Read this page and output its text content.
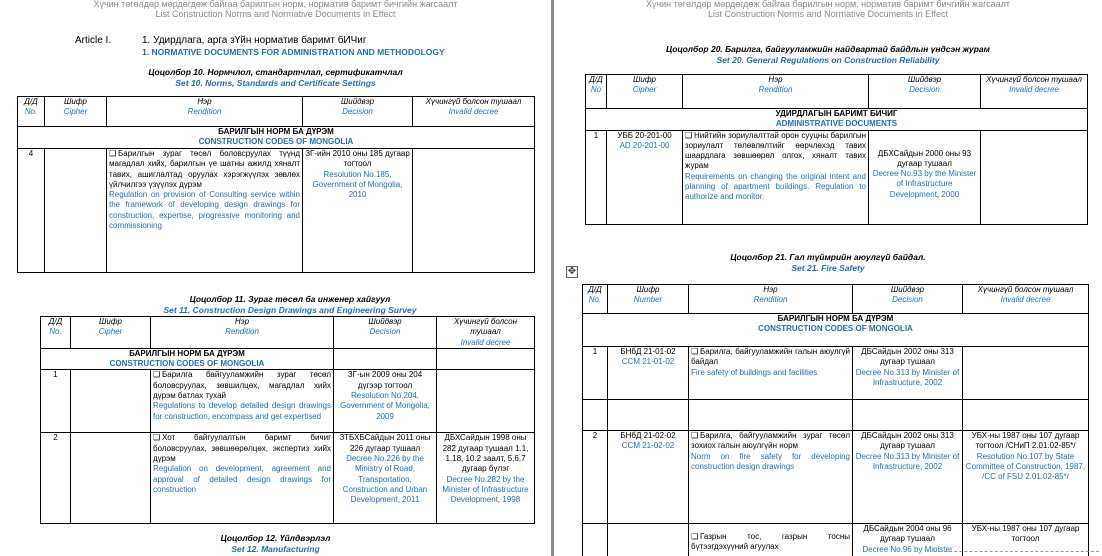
Хүчин төгөлдөр мөрдөгдөж байгаа барилгын норм, норматив баримт бичгийн жагсаалт
List Construction Norms and Normative Documents in Effect
Article I.	1. Удирдлага, арга зҮйн норматив баримт бИЧиг
1. NORMATIVE DOCUMENTS FOR ADMINISTRATION AND METHODOLOGY
Цоцолбор 10. Нормчлол, стандартчлал, сертификатчлал
Set 10. Norms, Standards and Certificate Settings
Д/Д
No.	Шифр
Cipher	Нэр
Rendition	Шийдвэр
Decision	Хүчингүй болсон тушаал
Invalid decree
БАРИЛГЫН НОРМ БА ДҮРЭМ
CONSTRUCTION CODES OF MONGOLIA				
4		❑ Барилгын зураг төсөл боловсруулах түүнд магадлал хийх, барилгын үе шатны ажилд хяналт тавих, ашиглалтад оруулах хэрэгжүүлэх зөвлөх үйлчилгээ үзүүлэх дүрэм
Regulation on provision of Consulting service within the framework of developing design drawings for construction, expertise, progressive monitoring and commissioning	ЗГ-ийн 2010 оны 185 дугаар тогтоол
Resolution No.185, Government of Mongolia, 2010	
Цоцолбор 11. Зураг төсөл ба инженер хайгуул
Set 11. Construction Design Drawings and Engineering Survey
Д/Д
No.	Шифр
Cipher	Нэр
Rendition	Шийдвэр
Decision	Хүчингүй болсон тушаал
Invalid decree
БАРИЛГЫН НОРМ БА ДҮРЭМ
CONSTRUCTION CODES OF MONGOLIA				
1		❑ Барилга байгууламжийн зураг төсөл боловсруулах, зөвшилцөх, магадлал хийх дүрэм батлах тухай
Regulations to develop detailed design drawings for construction, encompass and get expertised	ЗГ-ын 2009 оны 204 дүгээр тогтоол
Resolution No.204, Government of Mongolia, 2009	
2		❑ Хот байгуулалтын баримт бичиг боловсруулах, зөвшөөрөлцөх, экспертиз хийх дүрэм
Regulation on development, agreement and approval of detailed design drawings for construction	ЗТБХБСайдын 2011 оны 226 дугаар тушаал
Decree No.226 by the Ministry of Road, Transportation, Construction and Urban Development, 2011	ДБХСайдын 1998 оны 282 дугаар тушаал 1.1, 1.18, 10.2 заалт, 5,6,7 дугаар бүлэг
Decree No.282 by the Minister of Infrastructure Development, 1998
Цоцолбор 12. Үйлдвэрлэл
Set 12. Manufacturing
Хүчин төгөлдөр мөрдөгдөж байгаа барилгын норм, норматив баримт бичгийн жагсаалт
List Construction Norms and Normative Documents in Effect
Цоцолбор 20. Барилга, байгууламжийн найдвартай байдлын үндсэн журам
Set 20. General Regulations on Construction Reliability
Д/Д
No	Шифр
Cipher	Нэр
Rendition	Шийдвэр
Decision	Хүчингүй болсон тушаал
Invalid decree
УДИРДЛАГЫН БАРИМТ БИЧИГ
ADMINISTRATIVE DOCUMENTS				
1	УББ 20-201-00
AD 20-201-00	❑ Нийтийн зориулалттай орон сууцны барилгын зориулалт төлөвлөлтийг өөрчлөхэд тавих шаардлага зөвшөөрөл олгох, хяналт тавих журам
Requirements on changing the original intent and planning of apartment buildings. Regulation to authorize and monitor.	ДБХСайдын 2000 оны 93 дугаар тушаал
Decree No.93 by the Minister of Infrastructure Development, 2000	
Цоцолбор 21. Гал түймрийн аюулгүй байдал.
Set 21. Fire Safety
Д/Д
No.	Шифр
Number	Нэр
Rendition	Шийдвэр
Decision	Хүчингүй болсон тушаал
Invalid decree
БАРИЛГЫН НОРМ БА ДҮРЭМ
CONSTRUCTION CODES OF MONGOLIA				
1	БНбД 21-01-02
CCM 21-01-02	❑ Барилга, байгууламжийн галын аюулгүй байдал
Fire safety of buildings and facilities	ДБСайдын 2002 оны 313 дугаар тушаал
Decree No.313 by Minister of Infrastructure, 2002	

2	БНбД 21-02-02
CCM 21-02-02	❑ Барилга, байгууламжийн зураг төсөл зохиох галын аюулгүйн норм
Norm on fire safety for developing construction design drawings	ДБСайдын 2002 оны 313 дугаар тушаал
Decree No.313 by Minister of Infrastructure, 2002	УБХ-ны 1987 оны 107 дугаар тогтоол /СНиП 2.01.02-85*/
Resolution No.107 by State Committee of Construction, 1987, /CC of FSU 2.01.02-85*/
		❑ Газрын тос, газрын тосны бүтээгдэхүүний агуулах	ДБСайдын 2004 оны 96 дугаар тушаал
Decree No.96 by Minister	УБХ-ны 1987 оны 107 дугаар тогтоол
✥
